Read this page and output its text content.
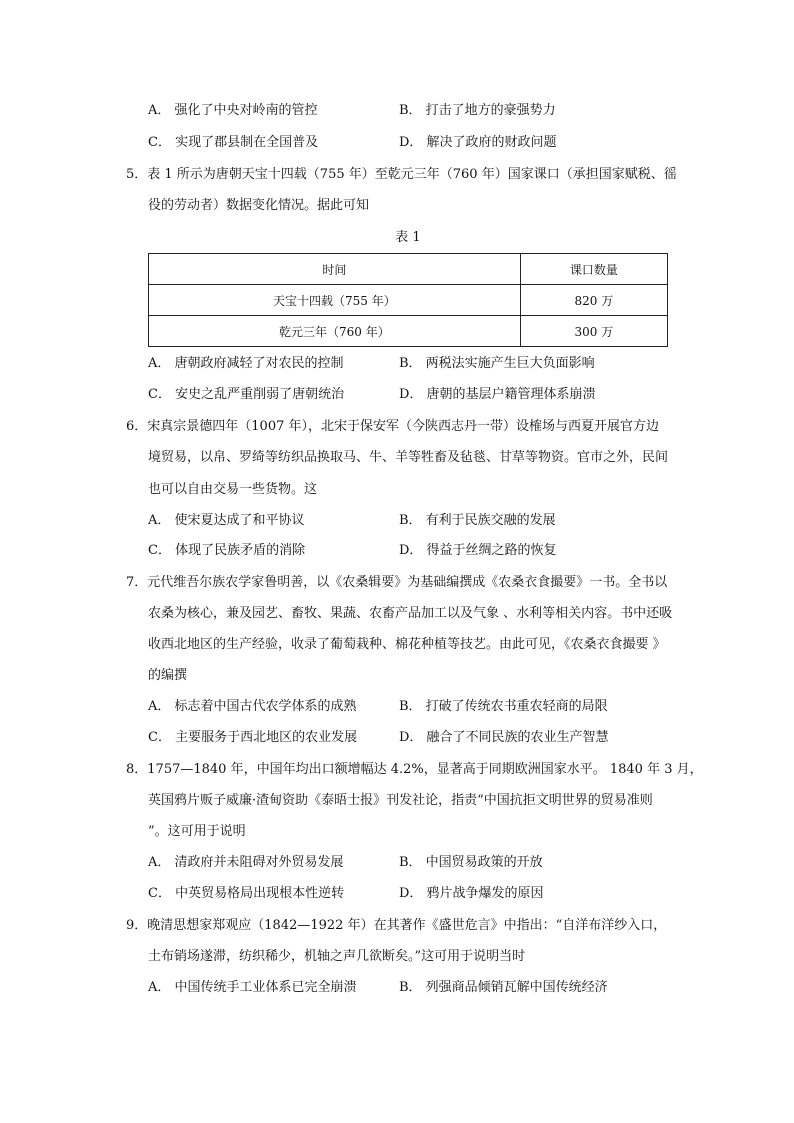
A． 强化了中央对岭南的管控	B． 打击了地方的豪强势力
C． 实现了郡县制在全国普及	D． 解决了政府的财政问题
5．表 1 所示为唐朝天宝十四载（755 年）至乾元三年（760 年）国家课口（承担国家赋税、徭
役的劳动者）数据变化情况。据此可知
表 1
时间	课口数量
天宝十四载（755 年）	820 万
乾元三年（760 年）	300 万
A． 唐朝政府减轻了对农民的控制	B． 两税法实施产生巨大负面影响
C． 安史之乱严重削弱了唐朝统治	D． 唐朝的基层户籍管理体系崩溃
6．宋真宗景德四年（1007 年），北宋于保安军（今陕西志丹一带）设榷场与西夏开展官方边
境贸易，以帛、罗绮等纺织品换取马、牛、羊等牲畜及毡毯、甘草等物资。官市之外，民间
也可以自由交易一些货物。这
A． 使宋夏达成了和平协议	B． 有利于民族交融的发展
C． 体现了民族矛盾的消除	D． 得益于丝绸之路的恢复
7．元代维吾尔族农学家鲁明善，以《农桑辑要》为基础编撰成《农桑衣食撮要》一书。全书以
农桑为核心，兼及园艺、畜牧、果蔬、农畜产品加工以及气象 、水利等相关内容。书中还吸
收西北地区的生产经验，收录了葡萄栽种、棉花种植等技艺。由此可见，《农桑衣食撮要 》
的编撰
A． 标志着中国古代农学体系的成熟	B． 打破了传统农书重农轻商的局限
C． 主要服务于西北地区的农业发展	D． 融合了不同民族的农业生产智慧
8．1757—1840 年，中国年均出口额增幅达 4.2%，显著高于同期欧洲国家水平。 1840 年 3 月，
英国鸦片贩子威廉·渣甸资助《泰晤士报》刊发社论，指责“中国抗拒文明世界的贸易准则
”。这可用于说明
A． 清政府并未阻碍对外贸易发展	B． 中国贸易政策的开放
C． 中英贸易格局出现根本性逆转	D． 鸦片战争爆发的原因
9．晚清思想家郑观应（1842—1922 年）在其著作《盛世危言》中指出：“自洋布洋纱入口，
土布销场遂滞，纺织稀少，机轴之声几欲断矣。”这可用于说明当时
A． 中国传统手工业体系已完全崩溃	B． 列强商品倾销瓦解中国传统经济
